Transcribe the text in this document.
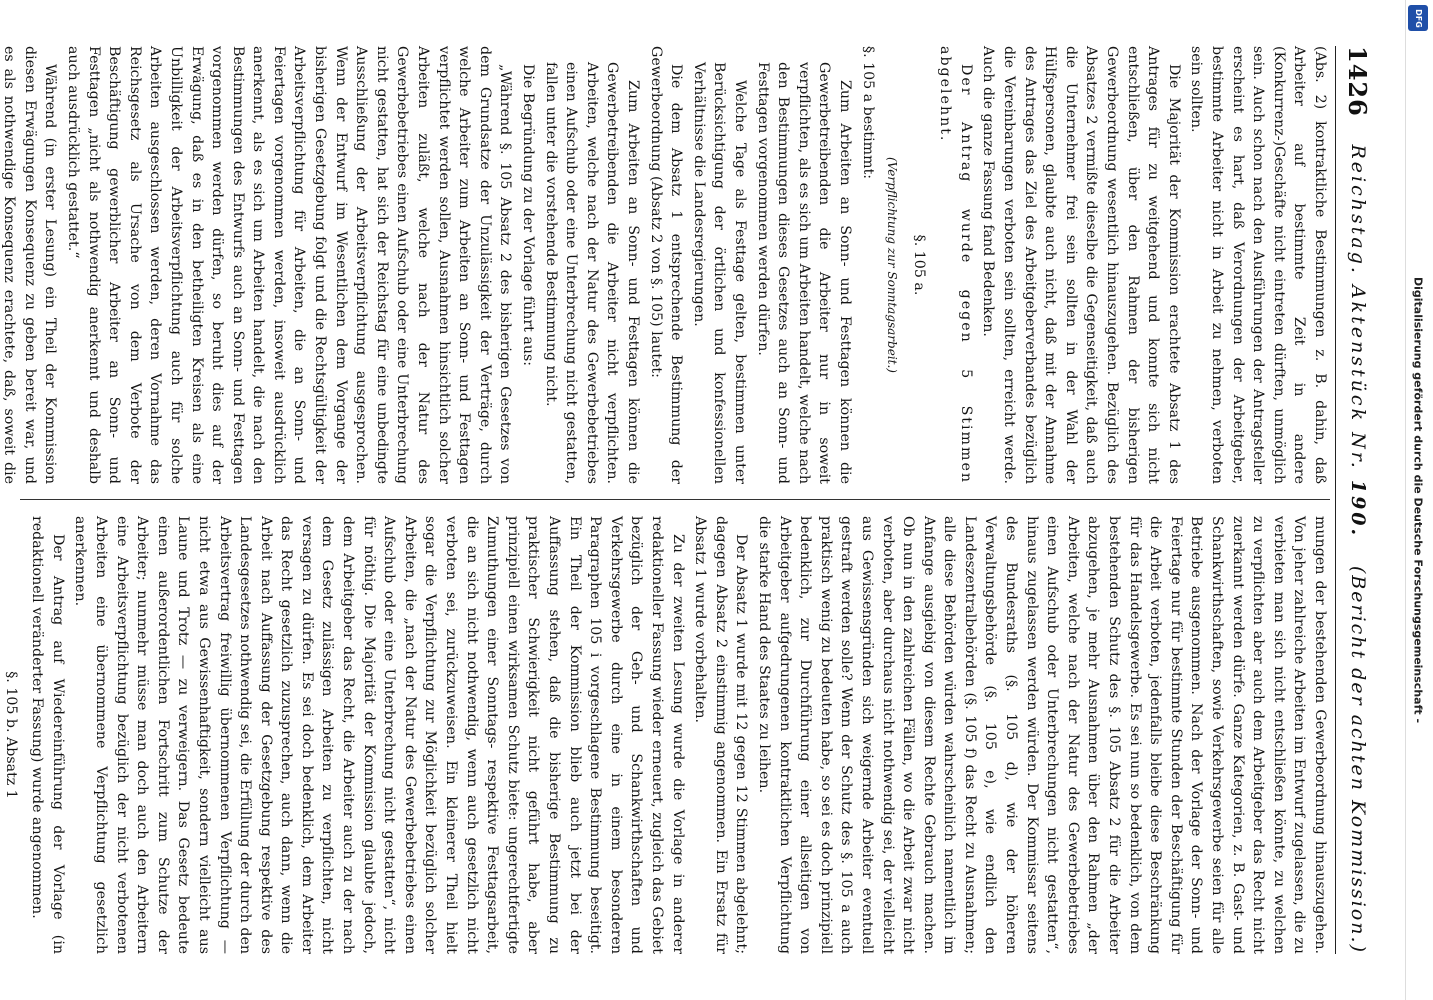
1426
Reichstag. Aktenstück Nr. 190.
(Bericht der achten Kommission.)

(Abs. 2) kontraktliche Bestimmungen z. B. dahin, daß Arbeiter auf bestimmte Zeit in andere (Konkurrenz-)Geschäfte nicht eintreten dürften, unmöglich sein. Auch schon nach den Ausführungen der Antragsteller erscheint es hart, daß Verordnungen der Arbeitgeber, bestimmte Arbeiter nicht in Arbeit zu nehmen, verboten sein sollten.

Die Majorität der Kommission erachtete Absatz 1 des Antrages für zu weitgehend und konnte sich nicht entschließen, über den Rahmen der bisherigen Gewerbeordnung wesentlich hinauszugehen. Bezüglich des Absatzes 2 vermißte dieselbe die Gegenseitigkeit, daß auch die Unternehmer frei sein sollten in der Wahl der Hülfspersonen, glaubte auch nicht, daß mit der Annahme des Antrages das Ziel des Arbeitgeberverbandes bezüglich die Vereinbarungen verboten sein sollten, erreicht werde. Auch die ganze Fassung fand Bedenken.

Der Antrag wurde gegen 5 Stimmen abgelehnt.

§. 105 a.

(Verpflichtung zur Sonntagsarbeit.)

§. 105 a bestimmt:

Zum Arbeiten an Sonn- und Festtagen können die Gewerbetreibenden die Arbeiter nur in soweit verpflichten, als es sich um Arbeiten handelt, welche nach den Bestimmungen dieses Gesetzes auch an Sonn- und Festtagen vorgenommen werden dürfen.

Welche Tage als Festtage gelten, bestimmen unter Berücksichtigung der örtlichen und konfessionellen Verhältnisse die Landesregierungen.

Die dem Absatz 1 entsprechende Bestimmung der Gewerbeordnung (Absatz 2 von §. 105) lautet:

Zum Arbeiten an Sonn- und Festtagen können die Gewerbetreibenden die Arbeiter nicht verpflichten. Arbeiten, welche nach der Natur des Gewerbebetriebes einen Aufschub oder eine Unterbrechung nicht gestatten, fallen unter die vorstehende Bestimmung nicht.

Die Begründung zu der Vorlage führt aus:

„Während §. 105 Absatz 2 des bisherigen Gesetzes von dem Grundsatze der Unzulässigkeit der Verträge, durch welche Arbeiter zum Arbeiten an Sonn- und Festtagen verpflichtet werden sollen, Ausnahmen hinsichtlich solcher Arbeiten zuläßt, welche nach der Natur des Gewerbebetriebes einen Aufschub oder eine Unterbrechung nicht gestatten, hat sich der Reichstag für eine unbedingte Ausschließung der Arbeitsverpflichtung ausgesprochen. Wenn der Entwurf im Wesentlichen dem Vorgange der bisherigen Gesetzgebung folgt und die Rechtsgültigkeit der Arbeitsverpflichtung für Arbeiten, die an Sonn- und Feiertagen vorgenommen werden, insoweit ausdrücklich anerkennt, als es sich um Arbeiten handelt, die nach den Bestimmungen des Entwurfs auch an Sonn- und Festtagen vorgenommen werden dürfen, so beruht dies auf der Erwägung, daß es in den betheiligten Kreisen als eine Unbilligkeit der Arbeitsverpflichtung auch für solche Arbeiten ausgeschlossen werden, deren Vornahme das Reichsgesetz als Ursache von dem Verbote der Beschäftigung gewerblicher Arbeiter an Sonn- und Festtagen „nicht als nothwendig anerkennt und deshalb auch ausdrücklich gestattet.“

Während (in erster Lesung) ein Theil der Kommission diesen Erwägungen Konsequenz zu geben bereit war, und es als nothwendige Konsequenz erachtete, daß, soweit die

mungen der bestehenden Gewerbeordnung hinauszugehen. Von jeher zahlreiche Arbeiten im Entwurf zugelassen, die zu verbieten man sich nicht entschließen könnte, zu welchen zu verpflichten aber auch dem Arbeitgeber das Recht nicht zuerkannt werden dürfe. Ganze Kategorien, z. B. Gast- und Schankwirthschaften, sowie Verkehrsgewerbe seien für alle Betriebe ausgenommen. Nach der Vorlage der Sonn- und Feiertage nur für bestimmte Stunden der Beschäftigung für die Arbeit verboten, jedenfalls bleibe diese Beschränkung für das Handelsgewerbe. Es sei nun so bedenklich, von dem bestehenden Schutz des §. 105 Absatz 2 für die Arbeiter abzugehen, je mehr Ausnahmen über den Rahmen „der Arbeiten, welche nach der Natur des Gewerbebetriebes einen Aufschub oder Unterbrechungen nicht gestatten“, hinaus zugelassen werden würden. Der Kommissar seitens des Bundesraths (§. 105 d), wie der höheren Verwaltungsbehörde (§. 105 e), wie endlich den Landeszentralbehörden (§. 105 f) das Recht zu Ausnahmen; alle diese Behörden würden wahrscheinlich namentlich im Anfange ausgiebig von diesem Rechte Gebrauch machen. Ob nun in den zahlreichen Fällen, wo die Arbeit zwar nicht verboten, aber durchaus nicht nothwendig sei, der vielleicht aus Gewissensgründen sich weigernde Arbeiter eventuell gestraft werden solle? Wenn der Schutz des §. 105 a auch praktisch wenig zu bedeuten habe, so sei es doch prinzipiell bedenklich, zur Durchführung einer allseitigen von Arbeitgeber aufgedrungenen kontraktlichen Verpflichtung die starke Hand des Staates zu leihen.

Der Absatz 1 wurde mit 12 gegen 12 Stimmen abgelehnt; dagegen Absatz 2 einstimmig angenommen. Ein Ersatz für Absatz 1 wurde vorbehalten.

Zu der zweiten Lesung wurde die Vorlage in anderer redaktioneller Fassung wieder erneuert, zugleich das Gebiet bezüglich der Geh- und Schankwirthschaften und Verkehrsgewerbe durch eine in einem besonderen Paragraphen 105 i vorgeschlagene Bestimmung beseitigt. Ein Theil der Kommission blieb auch jetzt bei der Auffassung stehen, daß die bisherige Bestimmung zu praktischer Schwierigkeit nicht geführt habe, aber prinzipiell einen wirksamen Schutz biete: ungerechtfertigte Zumuthungen einer Sonntags- respektive Festtagsarbeit, die an sich nicht nothwendig, wenn auch gesetzlich nicht verboten sei, zurückzuweisen. Ein kleinerer Theil hielt sogar die Verpflichtung zur Möglichkeit bezüglich solcher Arbeiten, die „nach der Natur des Gewerbebetriebes einen Aufschub oder eine Unterbrechung nicht gestatten“, nicht für nöthig. Die Majorität der Kommission glaubte jedoch, dem Arbeitgeber das Recht, die Arbeiter auch zu der nach dem Gesetz zulässigen Arbeiten zu verpflichten, nicht versagen zu dürfen. Es sei doch bedenklich, dem Arbeiter das Recht gesetzlich zuzusprechen, auch dann, wenn die Arbeit nach Auffassung der Gesetzgebung respektive des Landesgesetzes nothwendig sei, die Erfüllung der durch den Arbeitsvertrag freiwillig übernommenen Verpflichtung — nicht etwa aus Gewissenhaftigkeit, sondern vielleicht aus Laune und Trotz — zu verweigern. Das Gesetz bedeute einen außerordentlichen Fortschritt zum Schutze der Arbeiter; nunmehr müsse man doch auch den Arbeitern eine Arbeitsverpflichtung bezüglich der nicht verbotenen Arbeiten eine übernommene Verpflichtung gesetzlich anerkennen.

Der Antrag auf Wiedereinführung der Vorlage (in redaktionell veränderter Fassung) wurde angenommen.

§. 105 b. Absatz 1

Digitalisierung gefördert durch die Deutsche Forschungsgemeinschaft -
DFG
